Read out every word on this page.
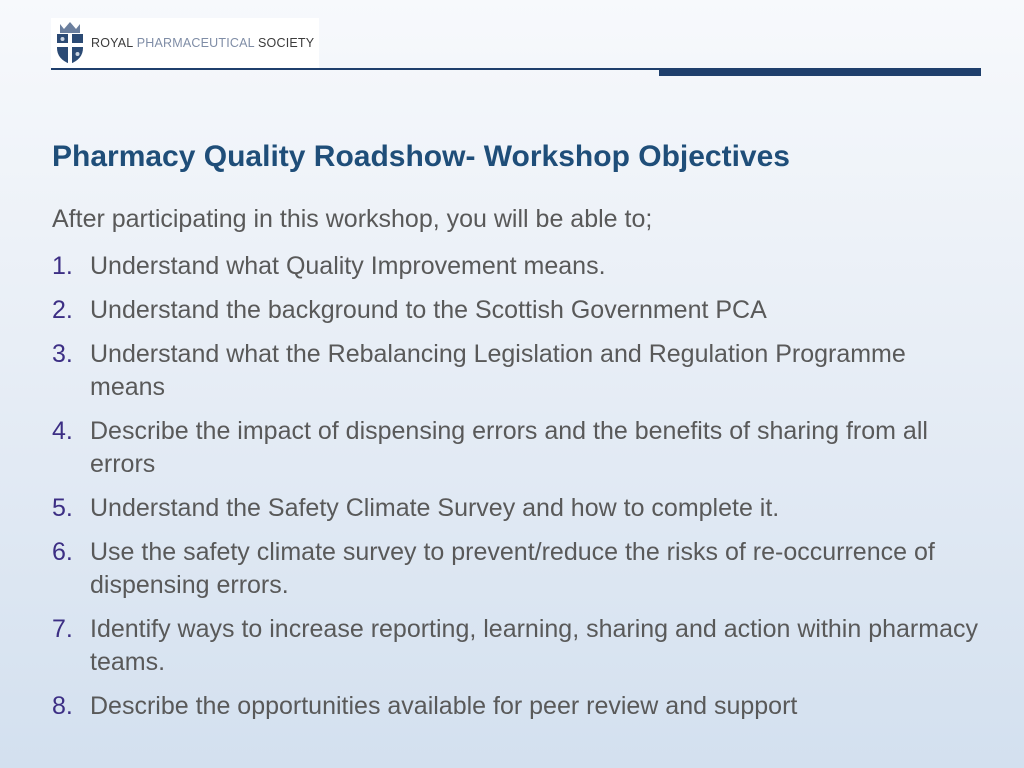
ROYAL PHARMACEUTICAL SOCIETY
Pharmacy Quality Roadshow- Workshop Objectives

After participating in this workshop, you will be able to;

1. Understand what Quality Improvement means.
2. Understand the background to the Scottish Government PCA
3. Understand what the Rebalancing Legislation and Regulation Programme means
4. Describe the impact of dispensing errors and the benefits of sharing from all errors
5. Understand the Safety Climate Survey and how to complete it.
6. Use the safety climate survey to prevent/reduce the risks of re-occurrence of dispensing errors.
7. Identify ways to increase reporting, learning, sharing and action within pharmacy teams.
8. Describe the opportunities available for peer review and support
